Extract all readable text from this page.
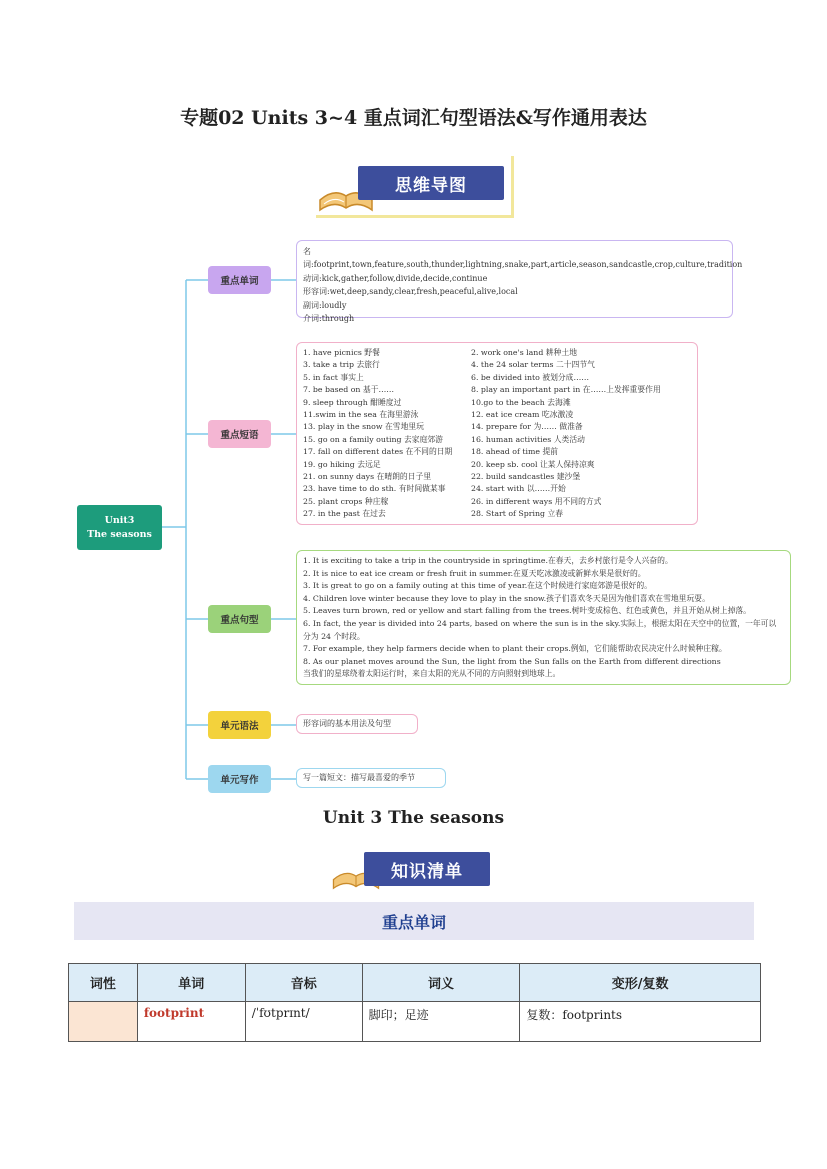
专题02 Units 3~4 重点词汇句型语法&写作通用表达
思维导图
Unit3
The seasons
重点单词
重点短语
重点句型
单元语法
单元写作
名词:footprint,town,feature,south,thunder,lightning,snake,part,article,season,sandcastle,crop,culture,tradition
动词:kick,gather,follow,divide,decide,continue
形容词:wet,deep,sandy,clear,fresh,peaceful,alive,local
副词:loudly
介词:through
1. have picnics 野餐	2. work one's land 耕种土地
3. take a trip 去旅行	4. the 24 solar terms 二十四节气
5. in fact 事实上	6. be divided into 被划分成……
7. be based on 基于……	8. play an important part in 在……上发挥重要作用
9. sleep through 酣睡度过	10.go to the beach 去海滩
11.swim in the sea 在海里游泳	12. eat ice cream 吃冰激凌
13. play in the snow 在雪地里玩	14. prepare for 为…… 做准备
15. go on a family outing 去家庭郊游	16. human activities 人类活动
17. fall on different dates 在不同的日期	18. ahead of time 提前
19. go hiking 去远足	20. keep sb. cool 让某人保持凉爽
21. on sunny days 在晴朗的日子里	22. build sandcastles 建沙堡
23. have time to do sth. 有时间做某事	24. start with 以……开始
25. plant crops 种庄稼	26. in different ways 用不同的方式
27. in the past 在过去	28. Start of Spring 立春
1. It is exciting to take a trip in the countryside in springtime.在春天，去乡村旅行是令人兴奋的。
2. It is nice to eat ice cream or fresh fruit in summer.在夏天吃冰激凌或新鲜水果是很好的。
3. It is great to go on a family outing at this time of year.在这个时候进行家庭郊游是很好的。
4. Children love winter because they love to play in the snow.孩子们喜欢冬天是因为他们喜欢在雪地里玩耍。
5. Leaves turn brown, red or yellow and start falling from the trees.树叶变成棕色、红色或黄色，并且开始从树上掉落。
6. In fact, the year is divided into 24 parts, based on where the sun is in the sky.实际上，根据太阳在天空中的位置，一年可以分为 24 个时段。
7. For example, they help farmers decide when to plant their crops.例如，它们能帮助农民决定什么时候种庄稼。
8. As our planet moves around the Sun, the light from the Sun falls on the Earth from different directions
当我们的星球绕着太阳运行时，来自太阳的光从不同的方向照射到地球上。
形容词的基本用法及句型
写一篇短文：描写最喜爱的季节
Unit 3 The seasons
知识清单
重点单词
词性	单词	音标	词义	变形/复数
	footprint	/ˈfʊtprɪnt/	脚印；足迹	复数：footprints
